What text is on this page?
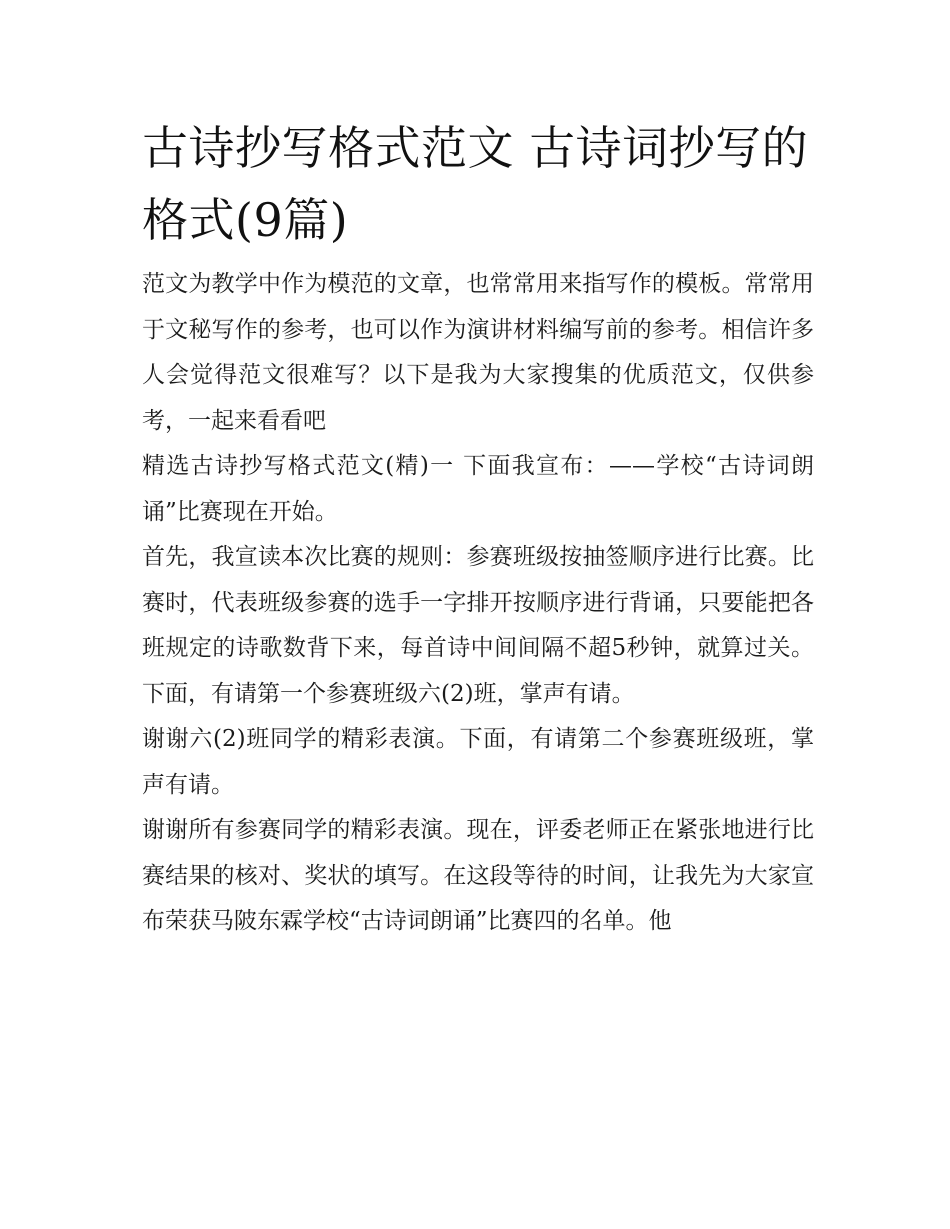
古诗抄写格式范文 古诗词抄写的格式(9篇)

范文为教学中作为模范的文章，也常常用来指写作的模板。常常用于文秘写作的参考，也可以作为演讲材料编写前的参考。相信许多人会觉得范文很难写？以下是我为大家搜集的优质范文，仅供参考，一起来看看吧

精选古诗抄写格式范文(精)一 下面我宣布：——学校“古诗词朗诵”比赛现在开始。

首先，我宣读本次比赛的规则：参赛班级按抽签顺序进行比赛。比赛时，代表班级参赛的选手一字排开按顺序进行背诵，只要能把各班规定的诗歌数背下来，每首诗中间间隔不超5秒钟，就算过关。下面，有请第一个参赛班级六(2)班，掌声有请。

谢谢六(2)班同学的精彩表演。下面，有请第二个参赛班级班，掌声有请。

谢谢所有参赛同学的精彩表演。现在，评委老师正在紧张地进行比赛结果的核对、奖状的填写。在这段等待的时间，让我先为大家宣布荣获马陂东霖学校“古诗词朗诵”比赛四的名单。他
